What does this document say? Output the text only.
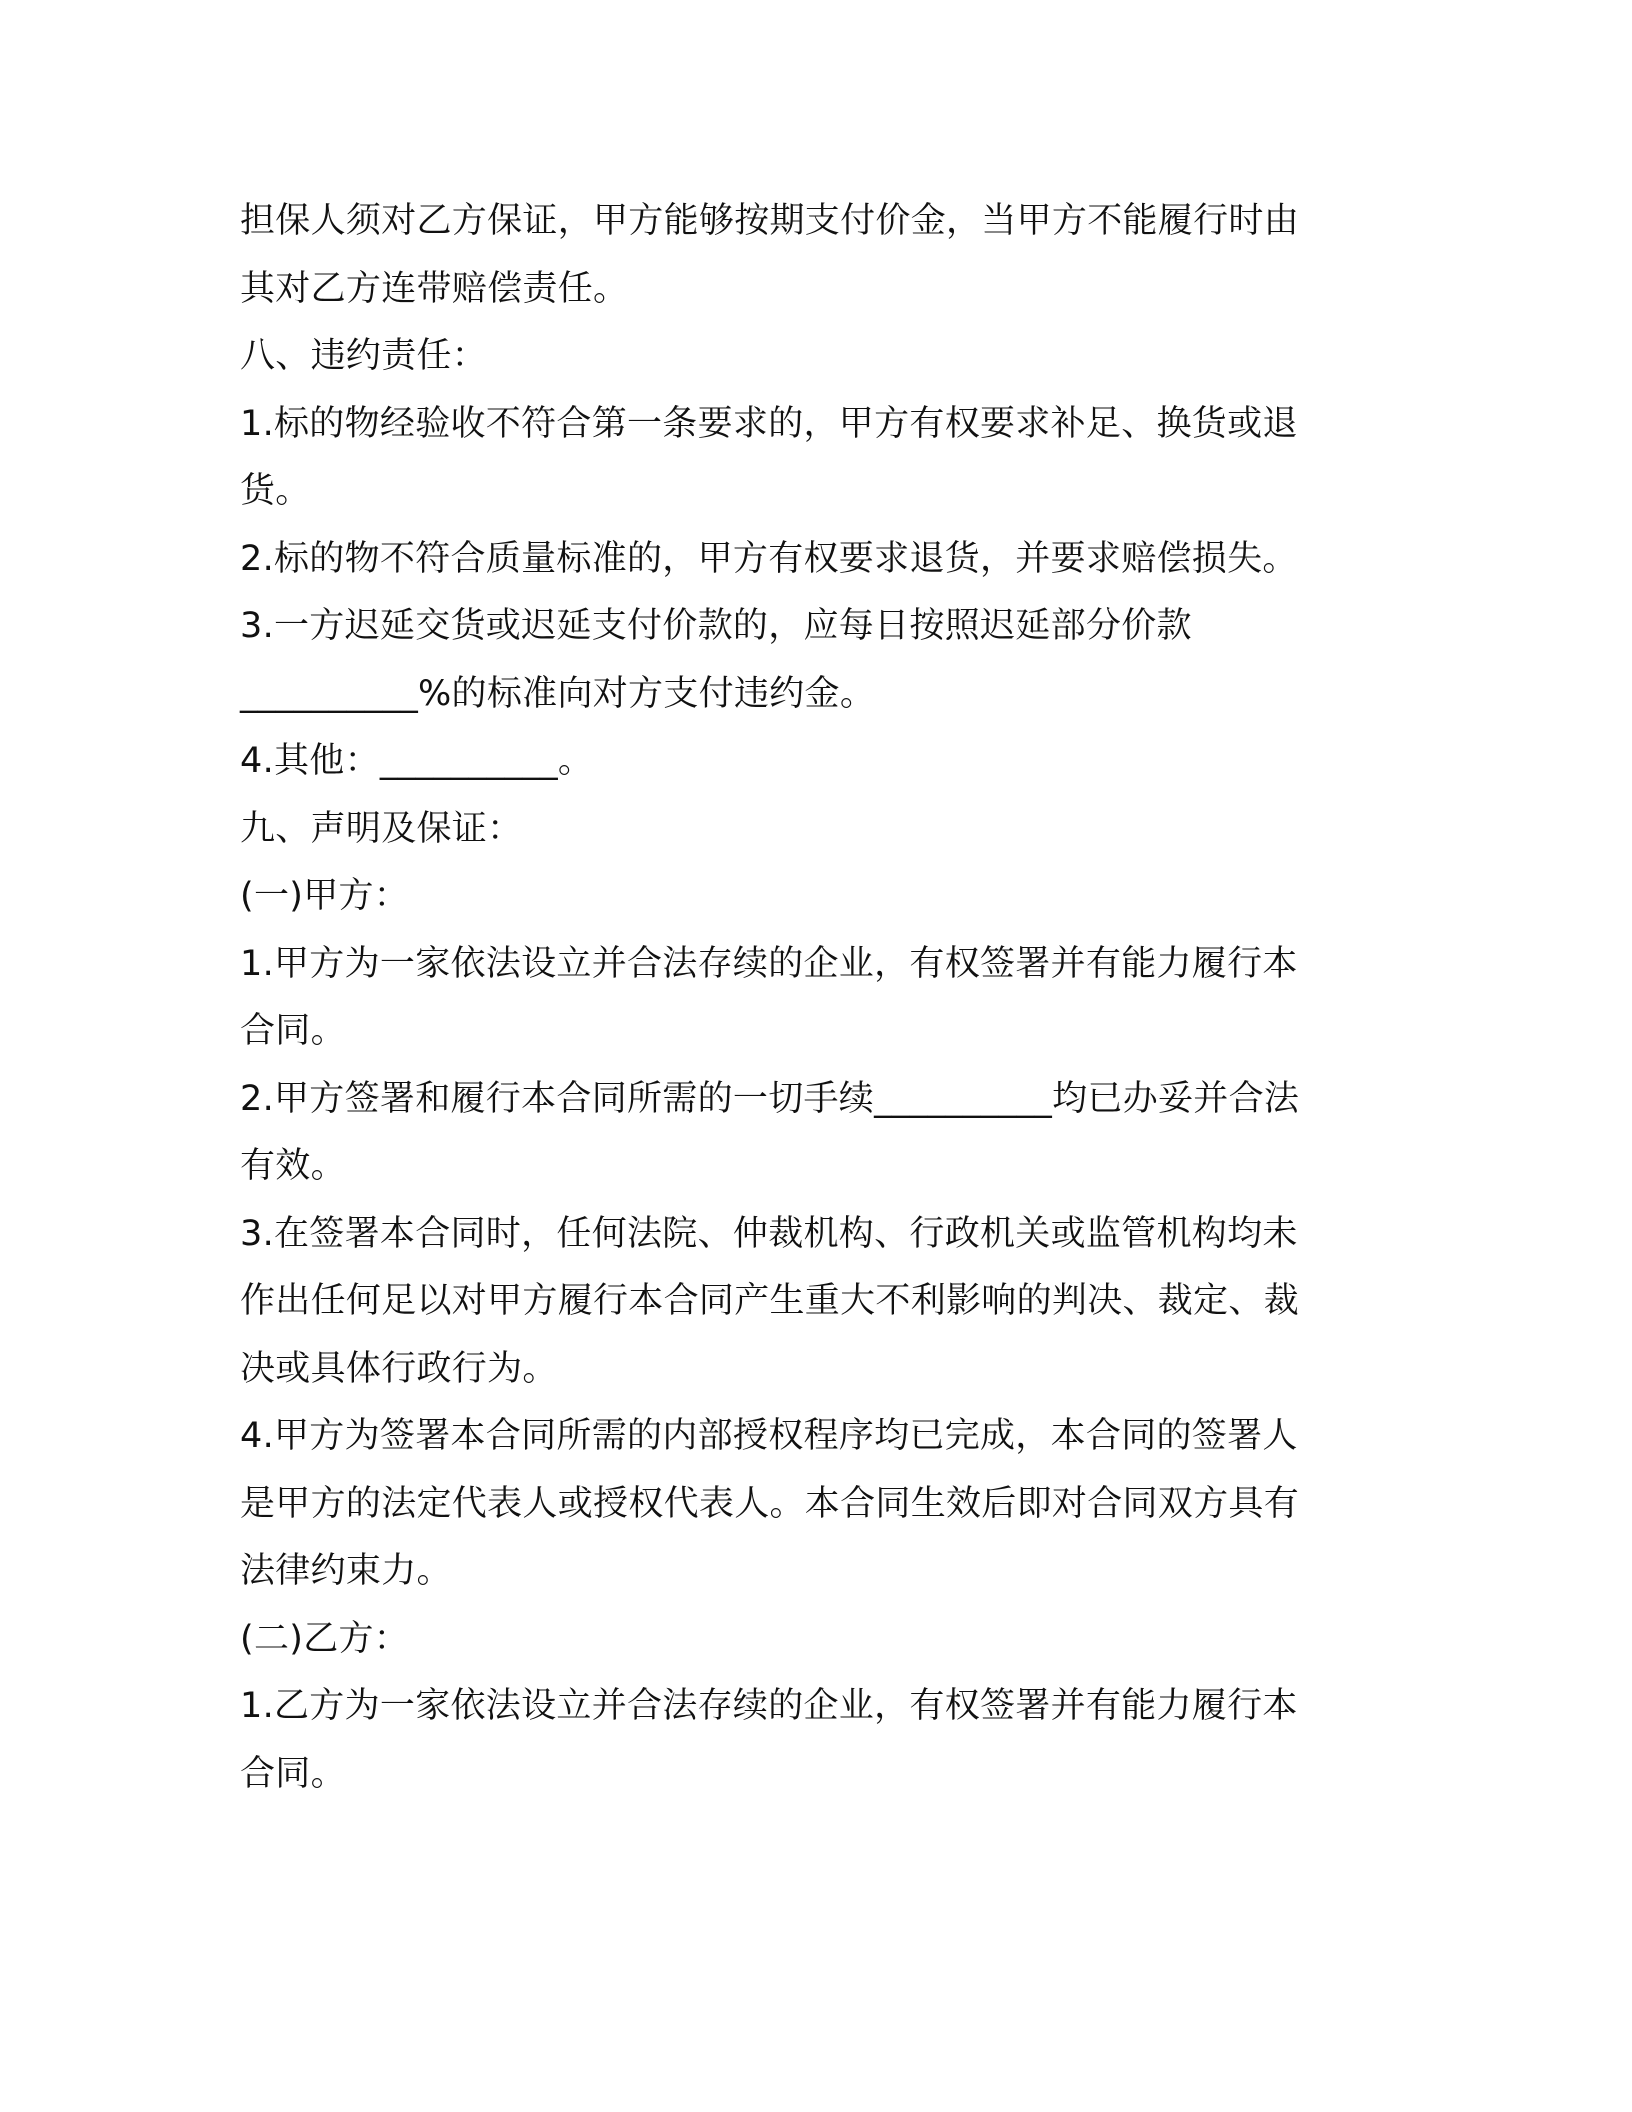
担保人须对乙方保证，甲方能够按期支付价金，当甲方不能履行时由
其对乙方连带赔偿责任。
八、违约责任：
1.标的物经验收不符合第一条要求的，甲方有权要求补足、换货或退
货。
2.标的物不符合质量标准的，甲方有权要求退货，并要求赔偿损失。
3.一方迟延交货或迟延支付价款的，应每日按照迟延部分价款
__________%的标准向对方支付违约金。
4.其他：__________。
九、声明及保证：
(一)甲方：
1.甲方为一家依法设立并合法存续的企业，有权签署并有能力履行本
合同。
2.甲方签署和履行本合同所需的一切手续__________均已办妥并合法
有效。
3.在签署本合同时，任何法院、仲裁机构、行政机关或监管机构均未
作出任何足以对甲方履行本合同产生重大不利影响的判决、裁定、裁
决或具体行政行为。
4.甲方为签署本合同所需的内部授权程序均已完成，本合同的签署人
是甲方的法定代表人或授权代表人。本合同生效后即对合同双方具有
法律约束力。
(二)乙方：
1.乙方为一家依法设立并合法存续的企业，有权签署并有能力履行本
合同。
